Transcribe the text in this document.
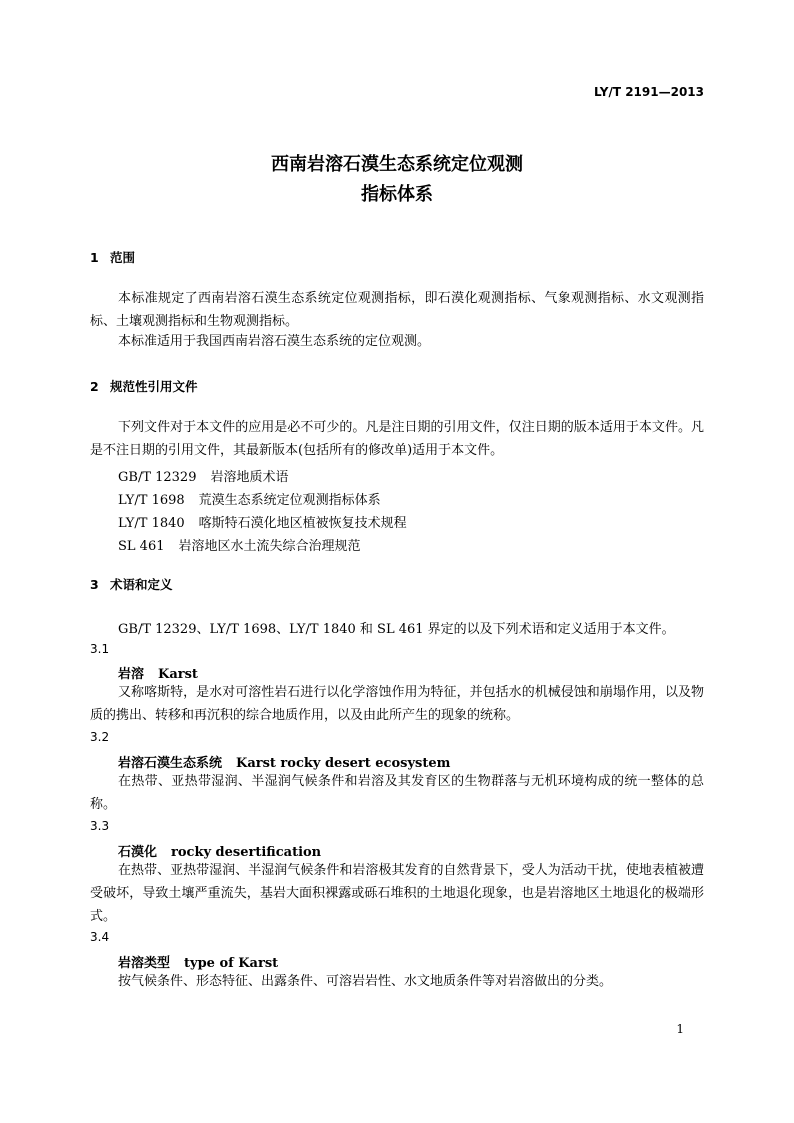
LY/T 2191—2013
西南岩溶石漠生态系统定位观测
指标体系
1 范围
本标准规定了西南岩溶石漠生态系统定位观测指标，即石漠化观测指标、气象观测指标、水文观测指标、土壤观测指标和生物观测指标。
本标准适用于我国西南岩溶石漠生态系统的定位观测。
2 规范性引用文件
下列文件对于本文件的应用是必不可少的。凡是注日期的引用文件，仅注日期的版本适用于本文件。凡是不注日期的引用文件，其最新版本(包括所有的修改单)适用于本文件。
GB/T 12329 岩溶地质术语
LY/T 1698 荒漠生态系统定位观测指标体系
LY/T 1840 喀斯特石漠化地区植被恢复技术规程
SL 461 岩溶地区水土流失综合治理规范
3 术语和定义
GB/T 12329、LY/T 1698、LY/T 1840 和 SL 461 界定的以及下列术语和定义适用于本文件。
3.1
岩溶 Karst
又称喀斯特，是水对可溶性岩石进行以化学溶蚀作用为特征，并包括水的机械侵蚀和崩塌作用，以及物质的携出、转移和再沉积的综合地质作用，以及由此所产生的现象的统称。
3.2
岩溶石漠生态系统 Karst rocky desert ecosystem
在热带、亚热带湿润、半湿润气候条件和岩溶及其发育区的生物群落与无机环境构成的统一整体的总称。
3.3
石漠化 rocky desertification
在热带、亚热带湿润、半湿润气候条件和岩溶极其发育的自然背景下，受人为活动干扰，使地表植被遭受破坏，导致土壤严重流失，基岩大面积裸露或砾石堆积的土地退化现象，也是岩溶地区土地退化的极端形式。
3.4
岩溶类型 type of Karst
按气候条件、形态特征、出露条件、可溶岩岩性、水文地质条件等对岩溶做出的分类。
1
